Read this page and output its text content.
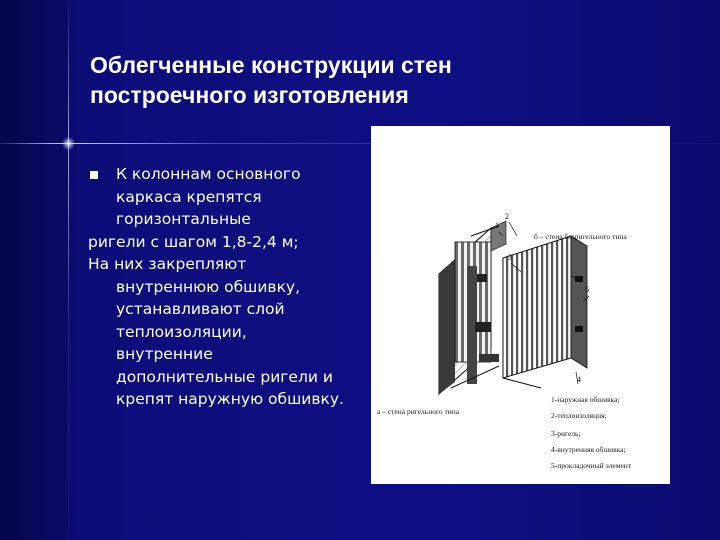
Облегченные конструкции стен
построечного изготовления
К колоннам основного
каркаса крепятся
горизонтальные
ригели с шагом 1,8-2,4 м;
На них закрепляют
внутреннюю обшивку,
устанавливают слой
теплоизоляции,
внутренние
дополнительные ригели и
крепят наружную обшивку.
1
2
3
4
5
б – стена безригельного типа
а – стена ригельного типа
1-наружная обшивка;
2-теплоизоляция;
3-ригель;
4-внутренняя обшивка;
5-прокладочный элемент
